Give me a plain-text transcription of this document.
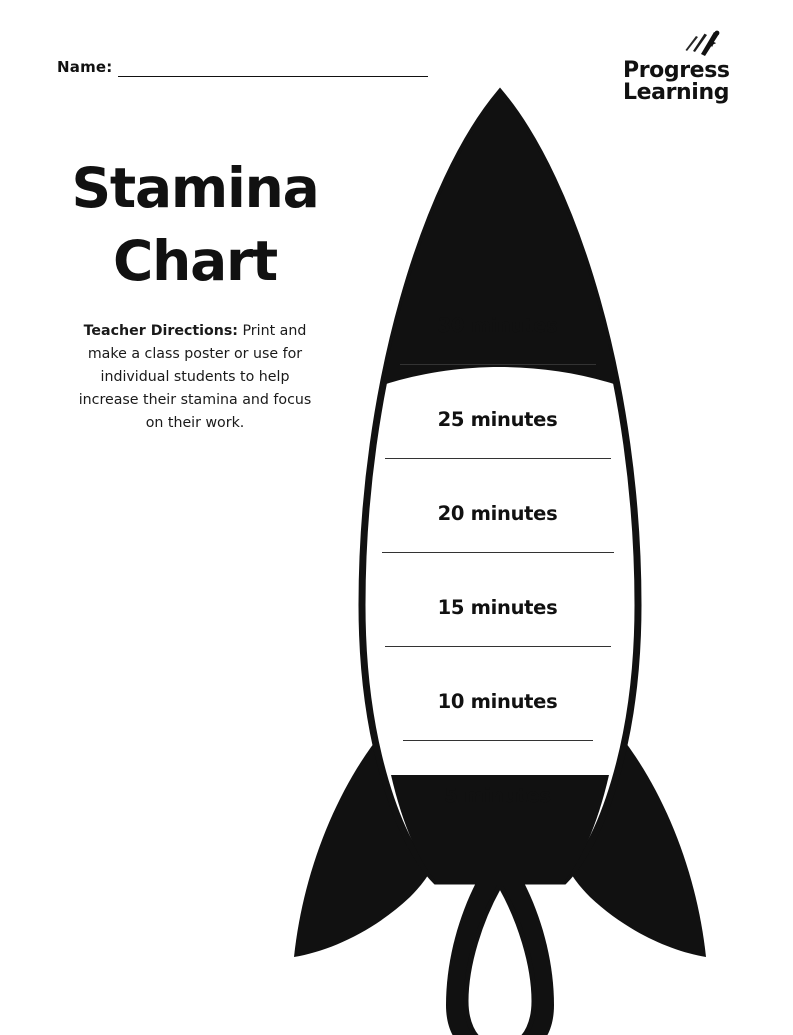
Name:	Progress
Learning
Stamina
Chart
Teacher Directions: Print and make a class poster or use for individual students to help increase their stamina and focus on their work.
30 minutes
25 minutes
20 minutes
15 minutes
10 minutes
5 minutes
